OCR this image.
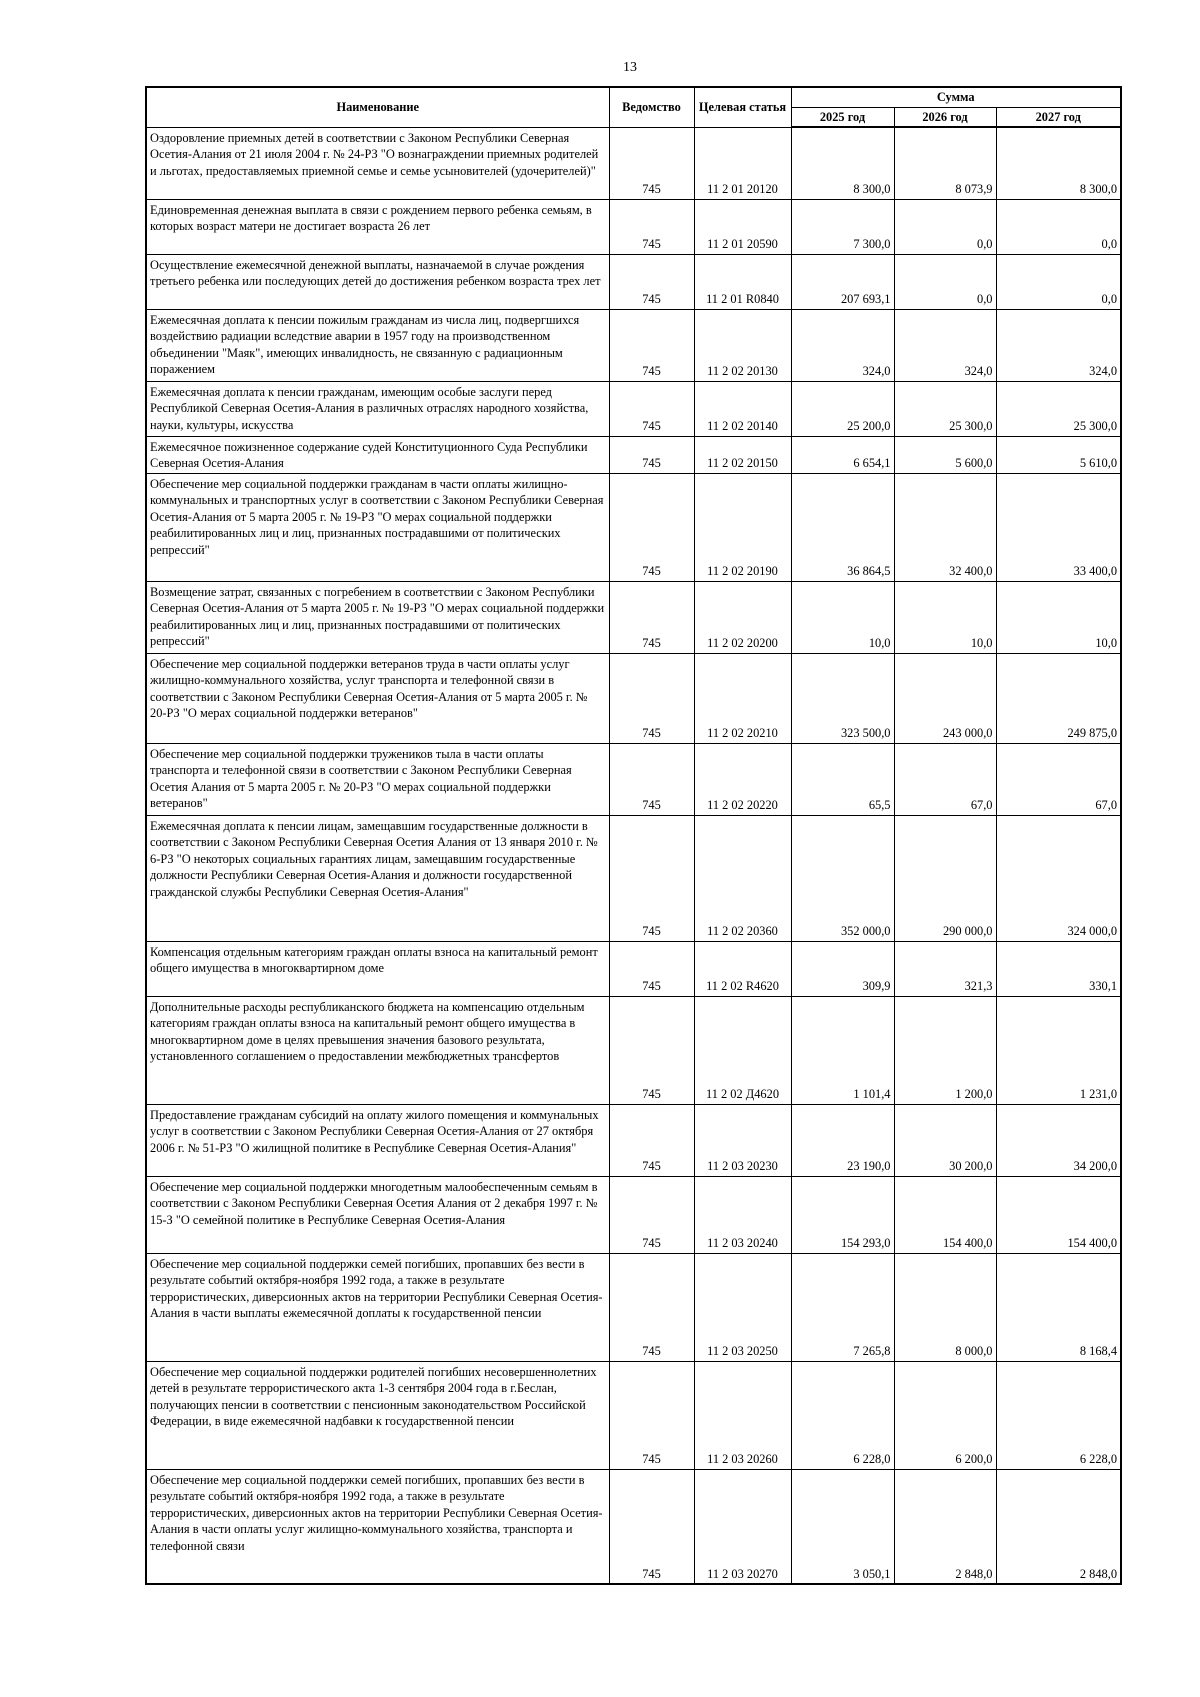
13
Наименование	Ведомство	Целевая статья	Сумма		
			2025 год	2026 год	2027 год
Оздоровление приемных детей в соответствии с Законом Республики Северная Осетия-Алания от 21 июля 2004 г. № 24-РЗ "О вознаграждении приемных родителей и льготах, предоставляемых приемной семье и семье усыновителей (удочерителей)"	745	11 2 01 20120	8 300,0	8 073,9	8 300,0
Единовременная денежная выплата в связи с рождением первого ребенка семьям, в которых возраст матери не достигает возраста 26 лет	745	11 2 01 20590	7 300,0	0,0	0,0
Осуществление ежемесячной денежной выплаты, назначаемой в случае рождения третьего ребенка или последующих детей до достижения ребенком возраста трех лет	745	11 2 01 R0840	207 693,1	0,0	0,0
Ежемесячная доплата к пенсии пожилым гражданам из числа лиц, подвергшихся воздействию радиации вследствие аварии в 1957 году на производственном объединении "Маяк", имеющих инвалидность, не связанную с радиационным поражением	745	11 2 02 20130	324,0	324,0	324,0
Ежемесячная доплата к пенсии гражданам, имеющим особые заслуги перед Республикой Северная Осетия-Алания в различных отраслях народного хозяйства, науки, культуры, искусства	745	11 2 02 20140	25 200,0	25 300,0	25 300,0
Ежемесячное пожизненное содержание судей Конституционного Суда Республики Северная Осетия-Алания	745	11 2 02 20150	6 654,1	5 600,0	5 610,0
Обеспечение мер социальной поддержки гражданам в части оплаты жилищно-коммунальных и транспортных услуг в соответствии с Законом Республики Северная Осетия-Алания от 5 марта 2005 г. № 19-РЗ "О мерах социальной поддержки реабилитированных лиц и лиц, признанных пострадавшими от политических репрессий"	745	11 2 02 20190	36 864,5	32 400,0	33 400,0
Возмещение затрат, связанных с погребением в соответствии с Законом Республики Северная Осетия-Алания от 5 марта 2005 г. № 19-РЗ "О мерах социальной поддержки реабилитированных лиц и лиц, признанных пострадавшими от политических репрессий"	745	11 2 02 20200	10,0	10,0	10,0
Обеспечение мер социальной поддержки ветеранов труда в части оплаты услуг жилищно-коммунального хозяйства, услуг транспорта и телефонной связи в соответствии с Законом Республики Северная Осетия-Алания от 5 марта 2005 г. № 20-РЗ "О мерах социальной поддержки ветеранов"	745	11 2 02 20210	323 500,0	243 000,0	249 875,0
Обеспечение мер социальной поддержки тружеников тыла в части оплаты транспорта и телефонной связи в соответствии с Законом Республики Северная Осетия Алания от 5 марта 2005 г. № 20-РЗ "О мерах социальной поддержки ветеранов"	745	11 2 02 20220	65,5	67,0	67,0
Ежемесячная доплата к пенсии лицам, замещавшим государственные должности в соответствии с Законом Республики Северная Осетия Алания от 13 января 2010 г. № 6-РЗ "О некоторых социальных гарантиях лицам, замещавшим государственные должности Республики Северная Осетия-Алания и должности государственной гражданской службы Республики Северная Осетия-Алания"	745	11 2 02 20360	352 000,0	290 000,0	324 000,0
Компенсация отдельным категориям граждан оплаты взноса на капитальный ремонт общего имущества в многоквартирном доме	745	11 2 02 R4620	309,9	321,3	330,1
Дополнительные расходы республиканского бюджета на компенсацию отдельным категориям граждан оплаты взноса на капитальный ремонт общего имущества в многоквартирном доме в целях превышения значения базового результата, установленного соглашением о предоставлении межбюджетных трансфертов	745	11 2 02 Д4620	1 101,4	1 200,0	1 231,0
Предоставление гражданам субсидий на оплату жилого помещения и коммунальных услуг в соответствии с Законом Республики Северная Осетия-Алания от 27 октября 2006 г. № 51-РЗ "О жилищной политике в Республике Северная Осетия-Алания"	745	11 2 03 20230	23 190,0	30 200,0	34 200,0
Обеспечение мер социальной поддержки многодетным малообеспеченным семьям в соответствии с Законом Республики Северная Осетия Алания от 2 декабря 1997 г. № 15-З "О семейной политике в Республике Северная Осетия-Алания	745	11 2 03 20240	154 293,0	154 400,0	154 400,0
Обеспечение мер социальной поддержки семей погибших, пропавших без вести в результате событий октября-ноября 1992 года, а также в результате террористических, диверсионных актов на территории Республики Северная Осетия-Алания в части выплаты ежемесячной доплаты к государственной пенсии	745	11 2 03 20250	7 265,8	8 000,0	8 168,4
Обеспечение мер социальной поддержки родителей погибших несовершеннолетних детей в результате террористического акта 1-3 сентября 2004 года в г.Беслан, получающих пенсии в соответствии с пенсионным законодательством Российской Федерации, в виде ежемесячной надбавки к государственной пенсии	745	11 2 03 20260	6 228,0	6 200,0	6 228,0
Обеспечение мер социальной поддержки семей погибших, пропавших без вести в результате событий октября-ноября 1992 года, а также в результате террористических, диверсионных актов на территории Республики Северная Осетия-Алания в части оплаты услуг жилищно-коммунального хозяйства, транспорта и телефонной связи	745	11 2 03 20270	3 050,1	2 848,0	2 848,0
